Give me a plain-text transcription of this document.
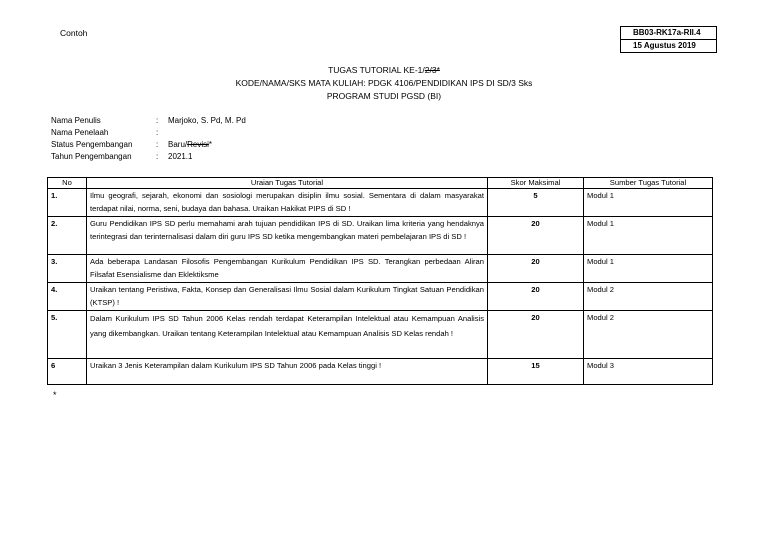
Contoh	BB03-RK17a-RII.4
15 Agustus 2019
TUGAS TUTORIAL KE-1/2/3*
KODE/NAMA/SKS MATA KULIAH: PDGK 4106/PENDIDIKAN IPS DI SD/3 Sks
PROGRAM STUDI PGSD (BI)
Nama Penulis	:	Marjoko, S. Pd, M. Pd
Nama Penelaah	:
Status Pengembangan	:	Baru/ Revisi *
Tahun Pengembangan	:	2021.1
No	Uraian Tugas Tutorial	Skor Maksimal	Sumber Tugas Tutorial
1.	Ilmu geografi, sejarah, ekonomi dan sosiologi merupakan disiplin ilmu sosial. Sementara di dalam masyarakat terdapat nilai, norma, seni, budaya dan bahasa. Uraikan Hakikat PIPS di SD !	5	Modul 1
2.	Guru Pendidikan IPS SD perlu memahami arah tujuan pendidikan IPS di SD. Uraikan lima kriteria yang hendaknya terintegrasi dan terinternalisasi dalam diri guru IPS SD ketika mengembangkan materi pembelajaran IPS di SD !	20	Modul 1
3.	Ada beberapa Landasan Filosofis Pengembangan Kurikulum Pendidikan IPS SD. Terangkan perbedaan Aliran Filsafat Esensialisme dan Eklektiksme	20	Modul 1
4.	Uraikan tentang Peristiwa, Fakta, Konsep dan Generalisasi Ilmu Sosial dalam Kurikulum Tingkat Satuan Pendidikan (KTSP) !	20	Modul 2
5.	Dalam Kurikulum IPS SD Tahun 2006 Kelas rendah terdapat Keterampilan Intelektual atau Kemampuan Analisis yang dikembangkan. Uraikan tentang Keterampilan Intelektual atau Kemampuan Analisis SD Kelas rendah !	20	Modul 2
6	Uraikan 3 Jenis Keterampilan dalam Kurikulum IPS SD Tahun 2006 pada Kelas tinggi !	15	Modul 3
*
